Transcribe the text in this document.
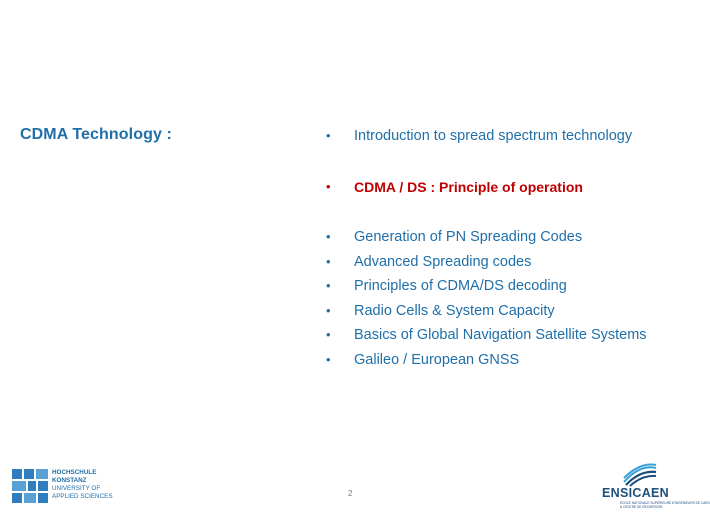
CDMA Technology :	• Introduction to spread spectrum technology
• CDMA / DS : Principle of operation
• Generation of PN Spreading Codes
• Advanced Spreading codes
• Principles of CDMA/DS decoding
• Radio Cells & System Capacity
• Basics of Global Navigation Satellite Systems
• Galileo / European GNSS
2
HOCHSCHULE
KONSTANZ
UNIVERSITY OF
APPLIED SCIENCES	ENSICAEN
ÉCOLE NATIONALE SUPÉRIEURE D'INGÉNIEURS DE CAEN
& CENTRE DE RECHERCHE
